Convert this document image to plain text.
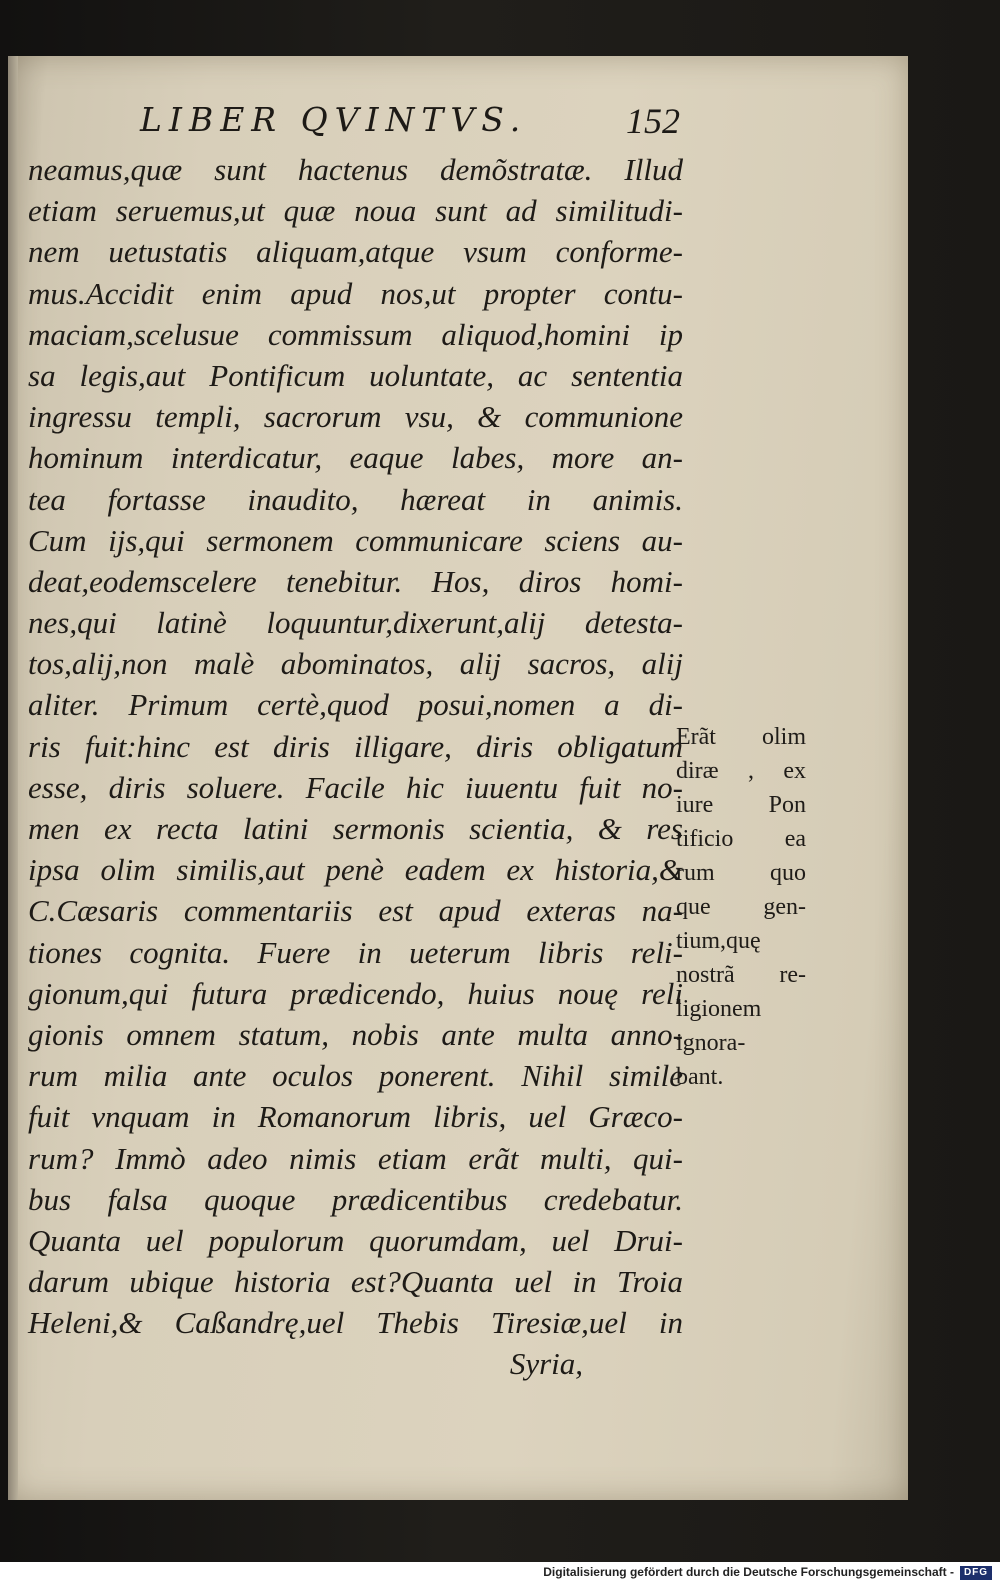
LIBER QVINTVS.	152
neamus,quæ sunt hactenus demõstratæ. Illud
etiam seruemus,ut quæ noua sunt ad similitudi-
nem uetustatis aliquam,atque vsum conforme-
mus.Accidit enim apud nos,ut propter contu-
maciam,scelusue commissum aliquod,homini ip
sa legis,aut Pontificum uoluntate, ac sententia
ingressu templi, sacrorum vsu, & communione
hominum interdicatur, eaque labes, more an-
tea fortasse inaudito, hæreat in animis.
Cum ijs,qui sermonem communicare sciens au-
deat,eodemscelere tenebitur. Hos, diros homi-
nes,qui latinè loquuntur,dixerunt,alij detesta-
tos,alij,non malè abominatos, alij sacros, alij
aliter. Primum certè,quod posui,nomen a di-
ris fuit:hinc est diris illigare, diris obligatum
esse, diris soluere. Facile hic iuuentu fuit no-
men ex recta latini sermonis scientia, & res
ipsa olim similis,aut penè eadem ex historia,&
C.Cæsaris commentariis est apud exteras na-
tiones cognita. Fuere in ueterum libris reli-
gionum,qui futura prædicendo, huius nouę reli
gionis omnem statum, nobis ante multa anno-
rum milia ante oculos ponerent. Nihil simile
fuit vnquam in Romanorum libris, uel Græco-
rum? Immò adeo nimis etiam erãt multi, qui-
bus falsa quoque prædicentibus credebatur.
Quanta uel populorum quorumdam, uel Drui-
darum ubique historia est?Quanta uel in Troia
Heleni,& Caßandrę,uel Thebis Tiresiæ,uel in
Syria,
Erãt olim
diræ , ex
iure Pon
tificio ea
rum quo
que gen-
tium,quę
nostrã re-
ligionem
ignora-
bant.
Digitalisierung gefördert durch die Deutsche Forschungsgemeinschaft - DFG
